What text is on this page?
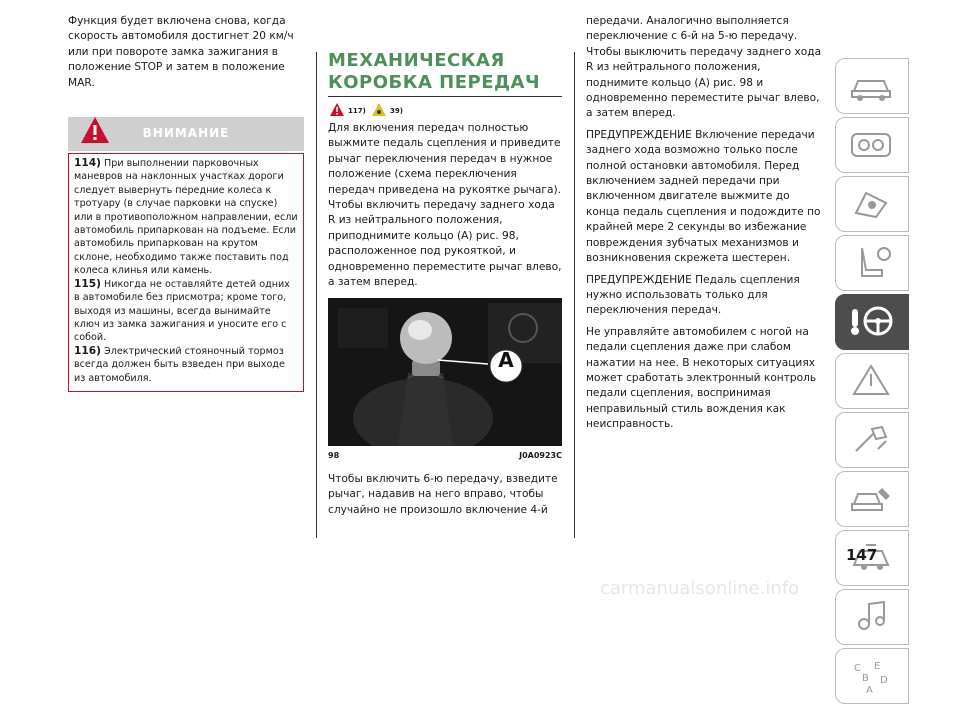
Функция будет включена снова, когда скорость автомобиля достигнет 20 км/ч или при повороте замка зажигания в положение STOP и затем в положение MAR.

ВНИМАНИЕ

114) При выполнении парковочных маневров на наклонных участках дороги следует вывернуть передние колеса к тротуару (в случае парковки на спуске) или в противоположном направлении, если автомобиль припаркован на подъеме. Если автомобиль припаркован на крутом склоне, необходимо также поставить под колеса клинья или камень.

115) Никогда не оставляйте детей одних в автомобиле без присмотра; кроме того, выходя из машины, всегда вынимайте ключ из замка зажигания и уносите его с собой.

116) Электрический стояночный тормоз всегда должен быть взведен при выходе из автомобиля.

МЕХАНИЧЕСКАЯ
КОРОБКА ПЕРЕДАЧ

117)	39)

Для включения передач полностью выжмите педаль сцепления и приведите рычаг переключения передач в нужное положение (схема переключения передач приведена на рукоятке рычага).

Чтобы включить передачу заднего хода R из нейтрального положения, приподнимите кольцо (A) рис. 98, расположенное под рукояткой, и одновременно переместите рычаг влево, а затем вперед.

A
98	J0A0923C

Чтобы включить 6-ю передачу, взведите рычаг, надавив на него вправо, чтобы случайно не произошло включение 4-й

передачи. Аналогично выполняется переключение с 6-й на 5-ю передачу.

Чтобы выключить передачу заднего хода R из нейтрального положения, поднимите кольцо (A) рис. 98 и одновременно переместите рычаг влево, а затем вперед.

ПРЕДУПРЕЖДЕНИЕ Включение передачи заднего хода возможно только после полной остановки автомобиля. Перед включением задней передачи при включенном двигателе выжмите до конца педаль сцепления и подождите по крайней мере 2 секунды во избежание повреждения зубчатых механизмов и возникновения скрежета шестерен.

ПРЕДУПРЕЖДЕНИЕ Педаль сцепления нужно использовать только для переключения передач.

Не управляйте автомобилем с ногой на педали сцепления даже при слабом нажатии на нее. В некоторых ситуациях может сработать электронный контроль педали сцепления, воспринимая неправильный стиль вождения как неисправность.

C E
B D
A
147
carmanualsonline.info
